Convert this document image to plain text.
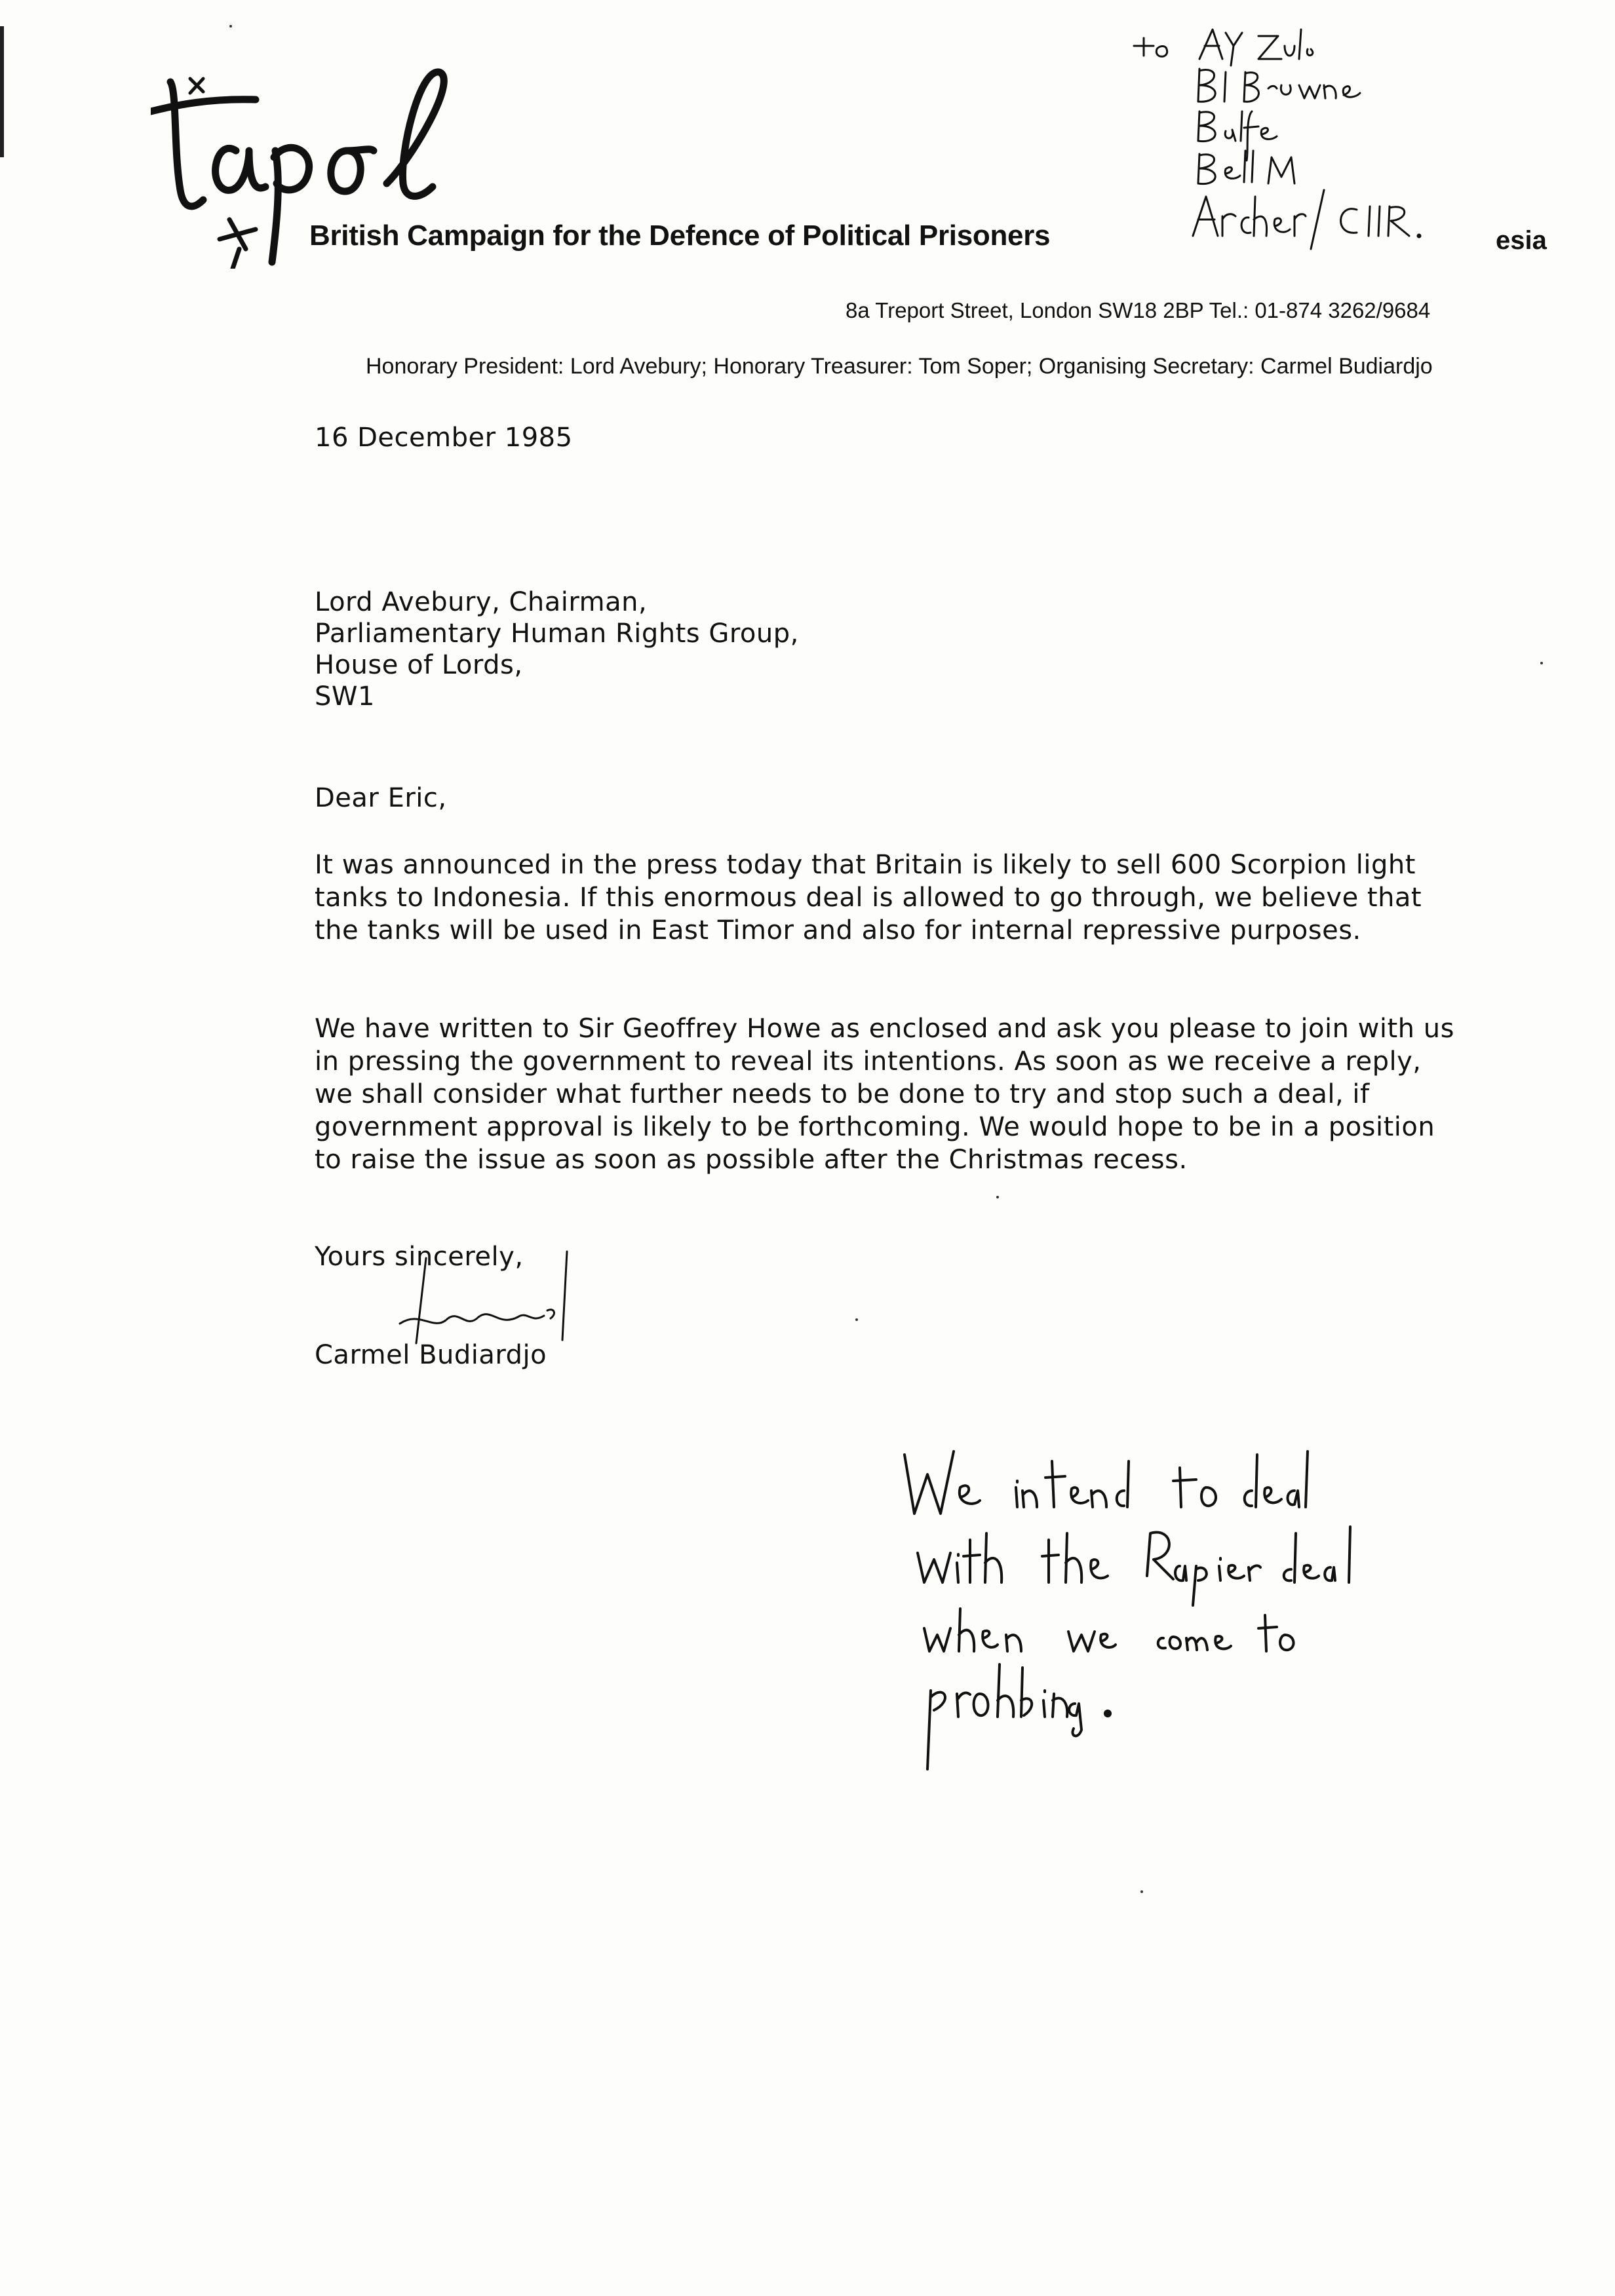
British Campaign for the Defence of Political Prisoners	esia
8a Treport Street, London SW18 2BP Tel.: 01-874 3262/9684
Honorary President: Lord Avebury; Honorary Treasurer: Tom Soper; Organising Secretary: Carmel Budiardjo
16 December 1985
Lord Avebury, Chairman,
Parliamentary Human Rights Group,
House of Lords,
SW1
Dear Eric,
It was announced in the press today that Britain is likely to sell 600 Scorpion light tanks to Indonesia. If this enormous deal is allowed to go through, we believe that the tanks will be used in East Timor and also for internal repressive purposes.
We have written to Sir Geoffrey Howe as enclosed and ask you please to join with us in pressing the government to reveal its intentions. As soon as we receive a reply, we shall consider what further needs to be done to try and stop such a deal, if government approval is likely to be forthcoming. We would hope to be in a position to raise the issue as soon as possible after the Christmas recess.
Yours sincerely,
Carmel Budiardjo
